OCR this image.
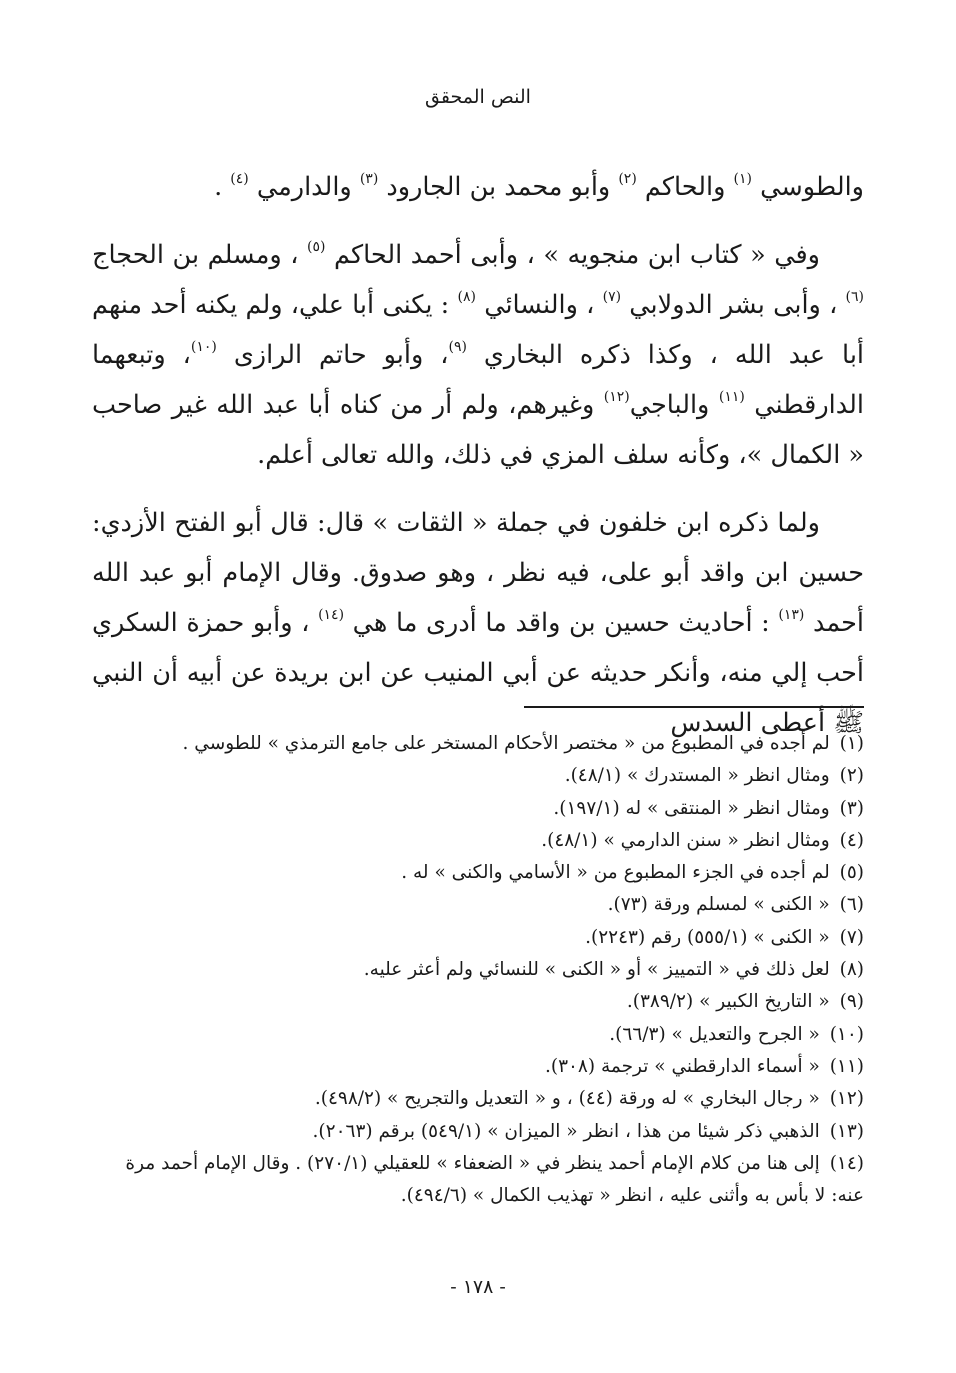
النص المحقق

والطوسي $^{(١)}$ والحاكم $^{(٢)}$ وأبو محمد بن الجارود $^{(٣)}$ والدارمي $^{(٤)}$ .

وفي « كتاب ابن منجويه » ، وأبى أحمد الحاكم $^{(٥)}$ ، ومسلم بن الحجاج $^{(٦)}$ ، وأبى بشر الدولابي $^{(٧)}$ ، والنسائي $^{(٨)}$ : يكنى أبا علي، ولم يكنه أحد منهم أبا عبد الله ، وكذا ذكره البخاري $^{(٩)}$، وأبو حاتم الرازى $^{(١٠)}$، وتبعهما الدارقطني $^{(١١)}$ والباجي$^{(١٢)}$ وغيرهم، ولم أر من كناه أبا عبد الله غير صاحب « الكمال »، وكأنه سلف المزي في ذلك، والله تعالى أعلم.

ولما ذكره ابن خلفون في جملة « الثقات » قال: قال أبو الفتح الأزدي: حسين ابن واقد أبو على، فيه نظر ، وهو صدوق. وقال الإمام أبو عبد الله أحمد $^{(١٣)}$ : أحاديث حسين بن واقد ما أدرى ما هي $^{(١٤)}$ ، وأبو حمزة السكري أحب إلي منه، وأنكر حديثه عن أبي المنيب عن ابن بريدة عن أبيه أن النبي ﷺ أعطى السدس

(١) لم أجده في المطبوع من « مختصر الأحكام المستخر على جامع الترمذي » للطوسي .
(٢) ومثال انظر « المستدرك » (٤٨/١).
(٣) ومثال انظر « المنتقى » له (١٩٧/١).
(٤) ومثال انظر « سنن الدارمي » (٤٨/١).
(٥) لم أجده في الجزء المطبوع من « الأسامي والكنى » له .
(٦) « الكنى » لمسلم ورقة (٧٣).
(٧) « الكنى » (٥٥٥/١) رقم (٢٢٤٣).
(٨) لعل ذلك في « التمييز » أو « الكنى » للنسائي ولم أعثر عليه.
(٩) « التاريخ الكبير » (٣٨٩/٢).
(١٠) « الجرح والتعديل » (٦٦/٣).
(١١) « أسماء الدارقطني » ترجمة (٣٠٨).
(١٢) « رجال البخاري » له ورقة (٤٤) ، و « التعديل والتجريح » (٤٩٨/٢).
(١٣) الذهبي ذكر شيئا من هذا ، انظر « الميزان » (٥٤٩/١) برقم (٢٠٦٣).
(١٤) إلى هنا من كلام الإمام أحمد ينظر في « الضعفاء » للعقيلي (٢٧٠/١) . وقال الإمام أحمد مرة عنه: لا بأس به وأثنى عليه ، انظر « تهذيب الكمال » (٤٩٤/٦).
- ١٧٨ -
